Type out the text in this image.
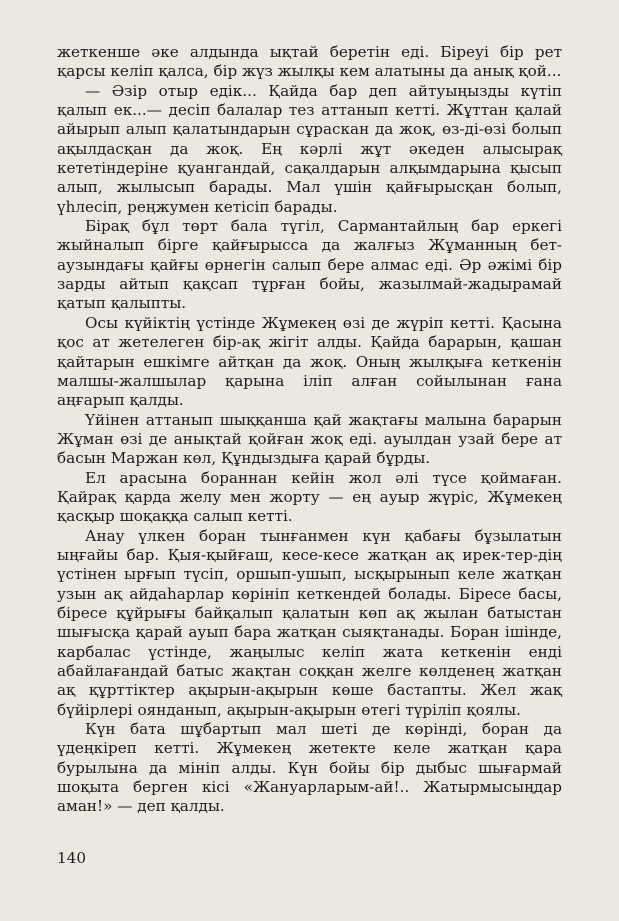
жеткенше әке алдында ықтай беретін еді. Біреуі бір рет қарсы келіп қалса, бір жүз жылқы кем алатыны да анық қой...

— Әзір отыр едік... Қайда бар деп айтуыңызды күтіп қалып ек...— десіп балалар тез аттанып кетті. Жұттан қалай айырып алып қалатындарын сұраскан да жоқ, өз-ді-өзі болып ақылдасқан да жоқ. Ең кәрлі жұт әкеден алысырақ кететіндеріне қуангандай, сақалдарын алқымдарына қысып алып, жылысып барады. Мал үшін қайғырысқан болып, үһлесіп, реңжумен кетісіп барады.

Бірақ бұл төрт бала түгіл, Сармантайлың бар еркегі жыйналып бірге қайғырысса да жалғыз Жұманның бет-аузындағы қайғы өрнегін салып бере алмас еді. Әр әжімі бір зарды айтып қақсап тұрған бойы, жазылмай-жадырамай қатып қалыпты.

Осы күйіктің үстінде Жұмекең өзі де жүріп кетті. Қасына қос ат жетелеген бір-ақ жігіт алды. Қайда барарын, қашан қайтарын ешкімге айтқан да жоқ. Оның жылқыға кеткенін малшы-жалшылар қарына іліп алған сойылынан ғана аңғарып қалды.

Үйінен аттанып шыққанша қай жақтағы малына барарын Жұман өзі де анықтай қойған жоқ еді. ауылдан узай бере ат басын Маржан көл, Құндыздыға қарай бұрды.

Ел арасына бораннан кейін жол әлі түсе қоймаған. Қайрақ қарда желу мен жорту — ең ауыр жүріс, Жұмекең қасқыр шоқаққа салып кетті.

Анау үлкен боран тынғанмен күн қабағы бұзылатын ыңғайы бар. Қыя-қыйғаш, кесе-кесе жатқан ақ ирек-тер-дің үстінен ырғып түсіп, оршып-ушып, ысқырынып келе жатқан узын ақ айдаһарлар көрініп кеткендей болады. Біресе басы, біресе құйрығы байқалып қалатын көп ақ жылан батыстан шығысқа қарай ауып бара жатқан сыяқтанады. Боран ішінде, карбалас үстінде, жаңылыс келіп жата кеткенін енді абайлағандай батыс жақтан соққан желге көлденең жатқан ақ құрттіктер ақырын-ақырын көше бастапты. Жел жақ бүйірлері оянданып, ақырын-ақырын өтегі түріліп қоялы.

Күн бата шұбартып мал шеті де көрінді, боран да үдеңкіреп кетті. Жұмекең жетекте келе жатқан қара бурылына да мініп алды. Күн бойы бір дыбыс шығармай шоқыта берген кісі «Жануарларым-ай!.. Жатырмысыңдар аман!» — деп қалды.

140
